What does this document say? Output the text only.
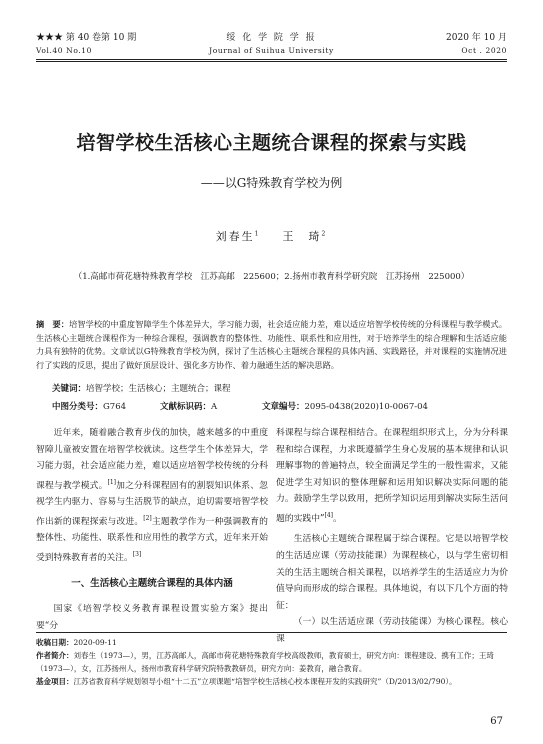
★★★ 第 40 卷第 10 期
Vol.40 No.10
绥 化 学 院 学 报
Journal of Suihua University
2020 年 10 月
Oct . 2020
培智学校生活核心主题统合课程的探索与实践
——以G特殊教育学校为例
刘春生$^1$ 王　琦$^2$
（1.高邮市荷花塘特殊教育学校　江苏高邮　225600；2.扬州市教育科学研究院　江苏扬州　225000）
摘　要：培智学校的中重度智障学生个体差异大，学习能力弱，社会适应能力差，难以适应培智学校传统的分科课程与教学模式。生活核心主题统合课程作为一种综合课程，强调教育的整体性、功能性、联系性和应用性，对于培养学生的综合理解和生活适应能力具有独特的优势。文章试以G特殊教育学校为例，探讨了生活核心主题统合课程的具体内涵、实践路径，并对课程的实施情况进行了实践的反思，提出了做好顶层设计、强化多方协作、着力融通生活的解决思路。
关键词：培智学校；生活核心；主题统合；课程
中图分类号：G764	文献标识码：A	文章编号：2095-0438(2020)10-0067-04

近年来，随着融合教育步伐的加快，越来越多的中重度智障儿童被安置在培智学校就读。这些学生个体差异大，学习能力弱，社会适应能力差，难以适应培智学校传统的分科课程与教学模式。[1]加之分科课程固有的割裂知识体系、忽视学生内驱力、容易与生活脱节的缺点，迫切需要培智学校作出新的课程探索与改进。[2]主题教学作为一种强调教育的整体性、功能性、联系性和应用性的教学方式，近年来开始受到特殊教育者的关注。[3]

一、生活核心主题统合课程的具体内涵

国家《培智学校义务教育课程设置实验方案》提出要“分

科课程与综合课程相结合。在课程组织形式上，分为分科课程和综合课程，力求既遵循学生身心发展的基本规律和认识理解事物的普遍特点，较全面满足学生的一般性需求，又能促进学生对知识的整体理解和运用知识解决实际问题的能力。鼓励学生学以致用，把所学知识运用到解决实际生活问题的实践中”[4]。

生活核心主题统合课程属于综合课程。它是以培智学校的生活适应课（劳动技能课）为课程核心，以与学生密切相关的生活主题统合相关课程，以培养学生的生活适应力为价值导向而形成的综合课程。具体地说，有以下几个方面的特征：

（一）以生活适应课（劳动技能课）为核心课程。核心课

收稿日期：2020-09-11
作者简介：刘春生（1973—），男，江苏高邮人，高邮市荷花塘特殊教育学校高级教师，教育硕士，研究方向：课程建设、携有工作；王琦（1973—），女，江苏扬州人，扬州市教育科学研究院特教教研员，研究方向：姜教育，融合教育。
基金项目：江苏省教育科学规划领导小组“十二五”立项课题“培智学校生活核心校本课程开发的实践研究”（D/2013/02/790）。
67
